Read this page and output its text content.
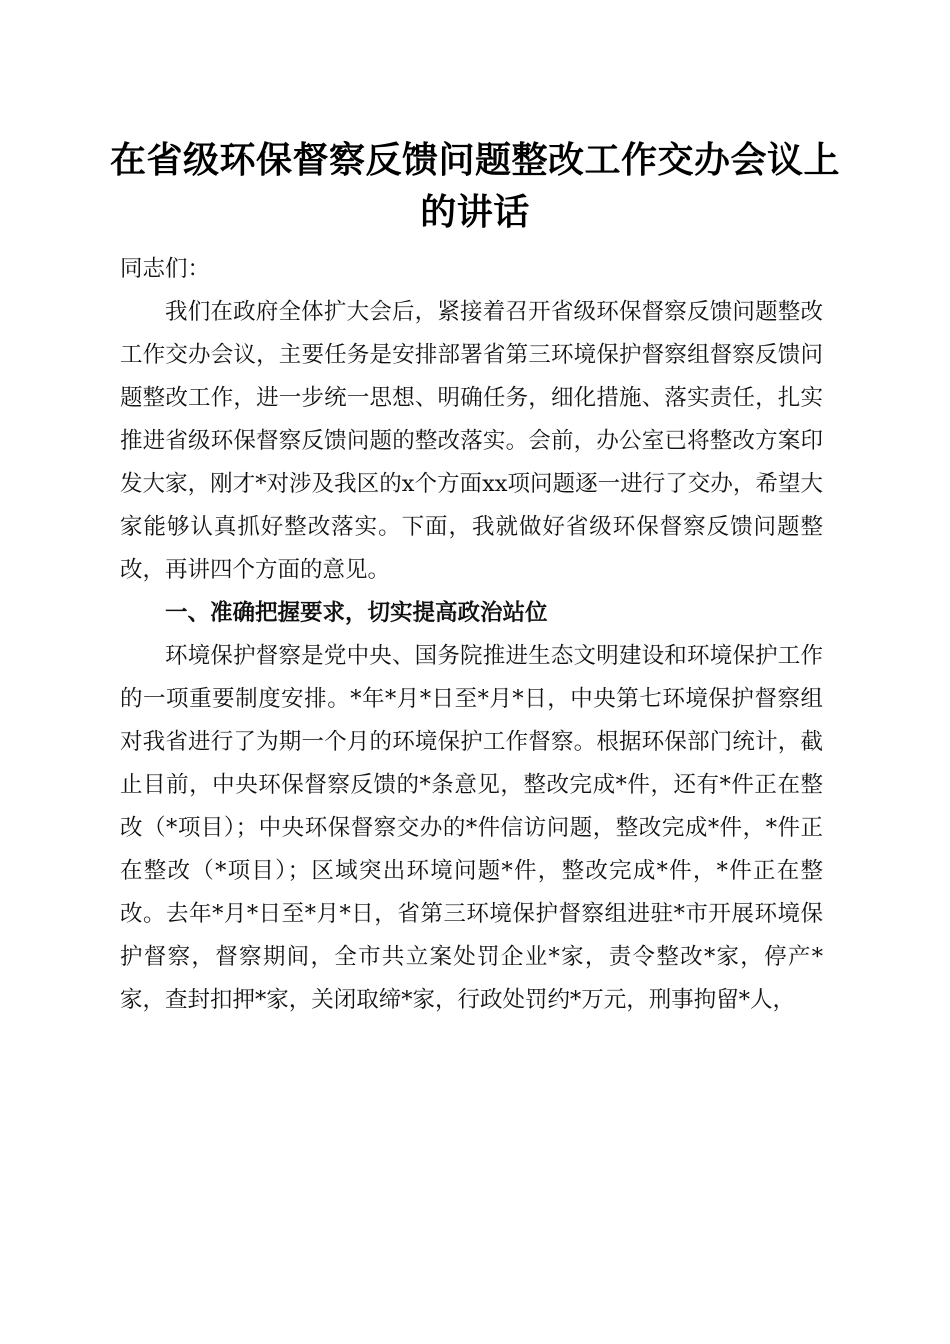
在省级环保督察反馈问题整改工作交办会议上的讲话

同志们：

我们在政府全体扩大会后，紧接着召开省级环保督察反馈问题整改工作交办会议，主要任务是安排部署省第三环境保护督察组督察反馈问题整改工作，进一步统一思想、明确任务，细化措施、落实责任，扎实推进省级环保督察反馈问题的整改落实。会前，办公室已将整改方案印发大家，刚才*对涉及我区的x个方面xx项问题逐一进行了交办，希望大家能够认真抓好整改落实。下面，我就做好省级环保督察反馈问题整改，再讲四个方面的意见。

一、准确把握要求，切实提高政治站位

环境保护督察是党中央、国务院推进生态文明建设和环境保护工作的一项重要制度安排。*年*月*日至*月*日，中央第七环境保护督察组对我省进行了为期一个月的环境保护工作督察。根据环保部门统计，截止目前，中央环保督察反馈的*条意见，整改完成*件，还有*件正在整改（*项目）；中央环保督察交办的*件信访问题，整改完成*件，*件正在整改（*项目）；区域突出环境问题*件，整改完成*件，*件正在整改。去年*月*日至*月*日，省第三环境保护督察组进驻*市开展环境保护督察，督察期间，全市共立案处罚企业*家，责令整改*家，停产*家，查封扣押*家，关闭取缔*家，行政处罚约*万元，刑事拘留*人，
